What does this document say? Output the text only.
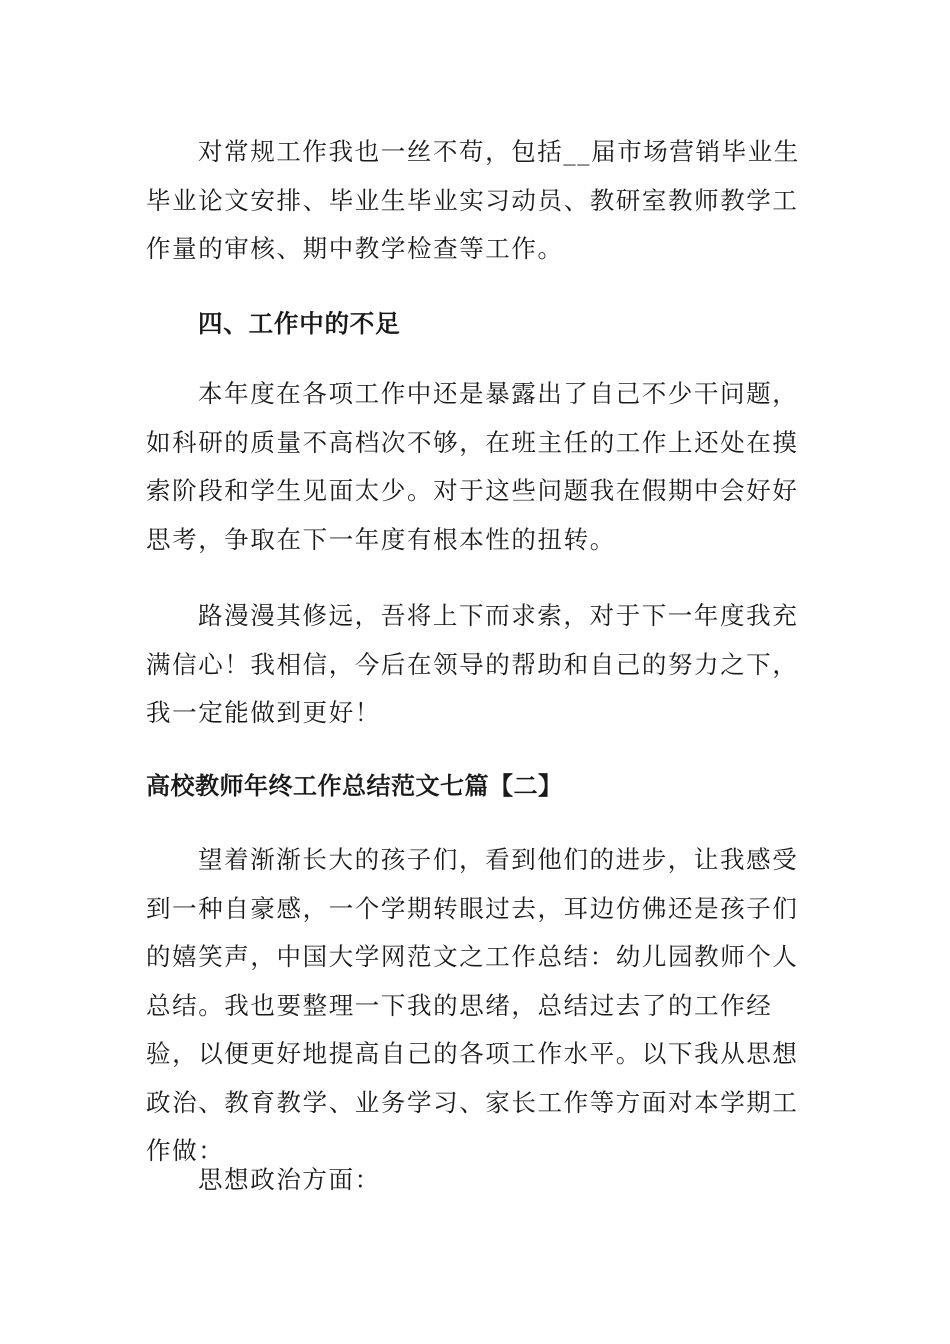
对常规工作我也一丝不苟，包括__届市场营销毕业生毕业论文安排、毕业生毕业实习动员、教研室教师教学工作量的审核、期中教学检查等工作。

四、工作中的不足

本年度在各项工作中还是暴露出了自己不少干问题，如科研的质量不高档次不够，在班主任的工作上还处在摸索阶段和学生见面太少。对于这些问题我在假期中会好好思考，争取在下一年度有根本性的扭转。

路漫漫其修远，吾将上下而求索，对于下一年度我充满信心！我相信，今后在领导的帮助和自己的努力之下，我一定能做到更好！

高校教师年终工作总结范文七篇【二】

望着渐渐长大的孩子们，看到他们的进步，让我感受到一种自豪感，一个学期转眼过去，耳边仿佛还是孩子们的嬉笑声，中国大学网范文之工作总结：幼儿园教师个人总结。我也要整理一下我的思绪，总结过去了的工作经验，以便更好地提高自己的各项工作水平。以下我从思想政治、教育教学、业务学习、家长工作等方面对本学期工作做：

思想政治方面：
